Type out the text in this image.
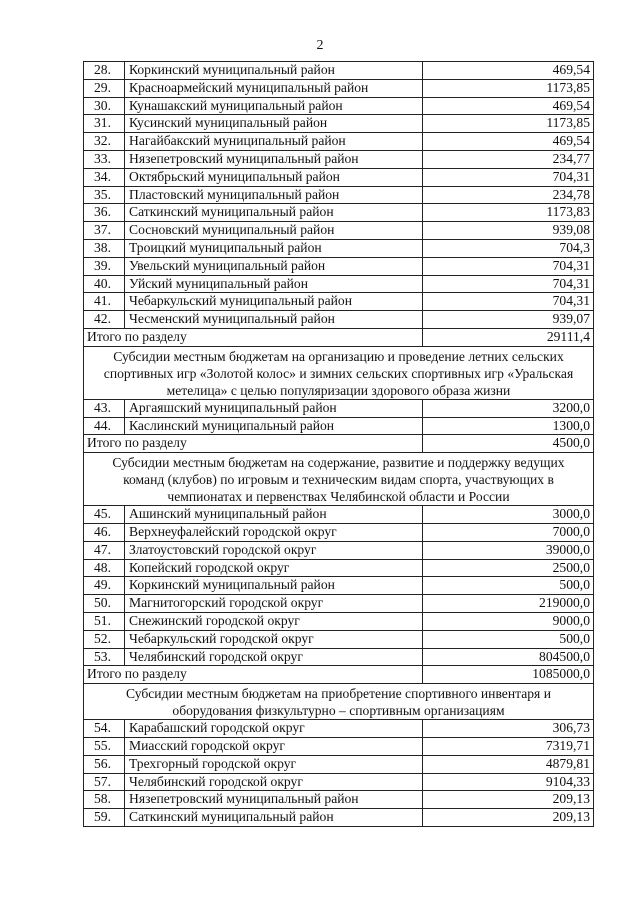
2
28.	Коркинский муниципальный район	469,54
29.	Красноармейский муниципальный район	1173,85
30.	Кунашакский муниципальный район	469,54
31.	Кусинский муниципальный район	1173,85
32.	Нагайбакский муниципальный район	469,54
33.	Нязепетровский муниципальный район	234,77
34.	Октябрьский муниципальный район	704,31
35.	Пластовский муниципальный район	234,78
36.	Саткинский муниципальный район	1173,83
37.	Сосновский муниципальный район	939,08
38.	Троицкий муниципальный район	704,3
39.	Увельский муниципальный район	704,31
40.	Уйский муниципальный район	704,31
41.	Чебаркульский муниципальный район	704,31
42.	Чесменский муниципальный район	939,07
Итого по разделу		29111,4
Субсидии местным бюджетам на организацию и проведение летних сельских спортивных игр «Золотой колос» и зимних сельских спортивных игр «Уральская метелица» с целью популяризации здорового образа жизни		
43.	Аргаяшский муниципальный район	3200,0
44.	Каслинский муниципальный район	1300,0
Итого по разделу		4500,0
Субсидии местным бюджетам на содержание, развитие и поддержку ведущих команд (клубов) по игровым и техническим видам спорта, участвующих в чемпионатах и первенствах Челябинской области и России		
45.	Ашинский муниципальный район	3000,0
46.	Верхнеуфалейский городской округ	7000,0
47.	Златоустовский городской округ	39000,0
48.	Копейский городской округ	2500,0
49.	Коркинский муниципальный район	500,0
50.	Магнитогорский городской округ	219000,0
51.	Снежинский городской округ	9000,0
52.	Чебаркульский городской округ	500,0
53.	Челябинский городской округ	804500,0
Итого по разделу		1085000,0
Субсидии местным бюджетам на приобретение спортивного инвентаря и оборудования физкультурно – спортивным организациям		
54.	Карабашский городской округ	306,73
55.	Миасский городской округ	7319,71
56.	Трехгорный городской округ	4879,81
57.	Челябинский городской округ	9104,33
58.	Нязепетровский муниципальный район	209,13
59.	Саткинский муниципальный район	209,13
